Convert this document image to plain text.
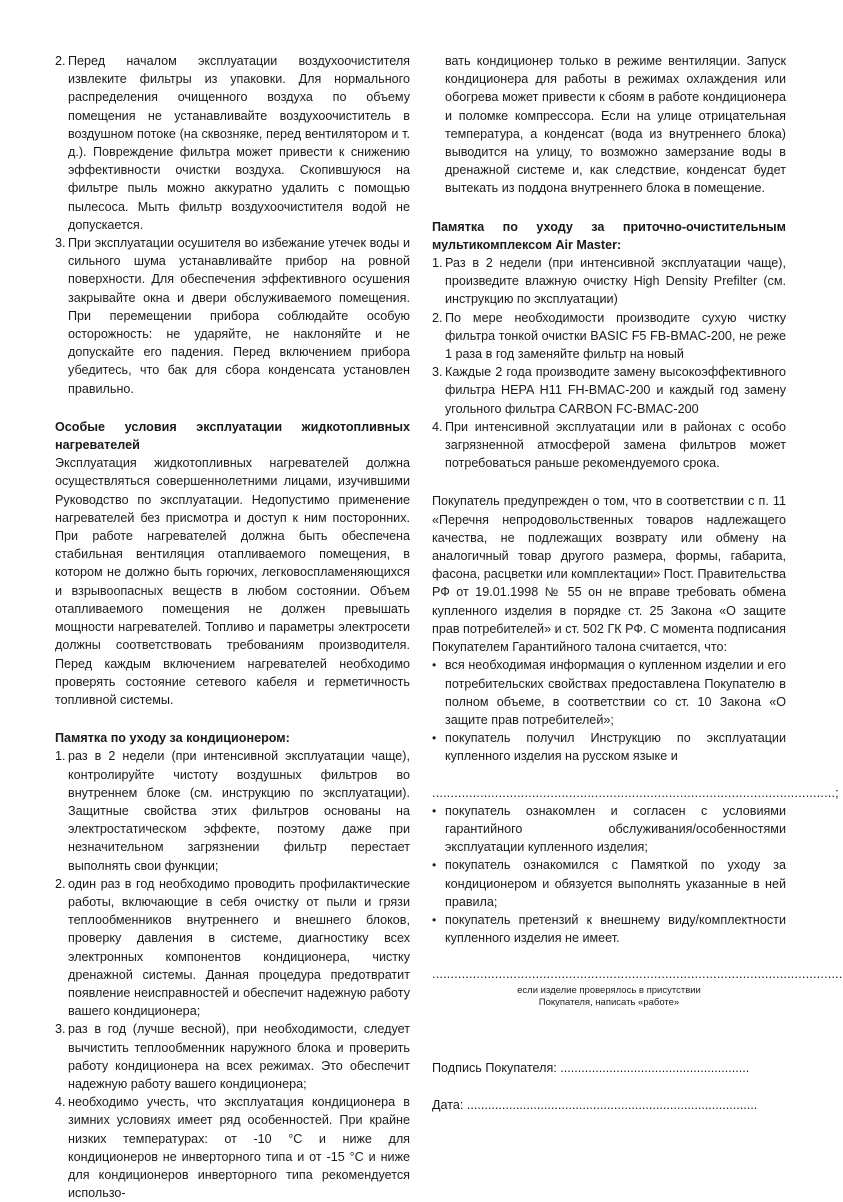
2. Перед началом эксплуатации воздухоочистителя извлеките фильтры из упаковки. Для нормального распределения очищенного воздуха по объему помещения не устанавливайте воздухоочиститель в воздушном потоке (на сквозняке, перед вентилятором и т. д.). Повреждение фильтра может привести к снижению эффективности очистки воздуха. Скопившуюся на фильтре пыль можно аккуратно удалить с помощью пылесоса. Мыть фильтр воздухоочистителя водой не допускается.
3. При эксплуатации осушителя во избежание утечек воды и сильного шума устанавливайте прибор на ровной поверхности. Для обеспечения эффективного осушения закрывайте окна и двери обслуживаемого помещения. При перемещении прибора соблюдайте особую осторожность: не ударяйте, не наклоняйте и не допускайте его падения. Перед включением прибора убедитесь, что бак для сбора конденсата установлен правильно.

Особые условия эксплуатации жидкотопливных нагревателей

Эксплуатация жидкотопливных нагревателей должна осуществляться совершеннолетними лицами, изучившими Руководство по эксплуатации. Недопустимо применение нагревателей без присмотра и доступ к ним посторонних. При работе нагревателей должна быть обеспечена стабильная вентиляция отапливаемого помещения, в котором не должно быть горючих, легковоспламеняющихся и взрывоопасных веществ в любом состоянии. Объем отапливаемого помещения не должен превышать мощности нагревателей. Топливо и параметры электросети должны соответствовать требованиям производителя. Перед каждым включением нагревателей необходимо проверять состояние сетевого кабеля и герметичность топливной системы.

Памятка по уходу за кондиционером:

1. раз в 2 недели (при интенсивной эксплуатации чаще), контролируйте чистоту воздушных фильтров во внутреннем блоке (см. инструкцию по эксплуатации). Защитные свойства этих фильтров основаны на электростатическом эффекте, поэтому даже при незначительном загрязнении фильтр перестает выполнять свои функции;
2. один раз в год необходимо проводить профилактические работы, включающие в себя очистку от пыли и грязи теплообменников внутреннего и внешнего блоков, проверку давления в системе, диагностику всех электронных компонентов кондиционера, чистку дренажной системы. Данная процедура предотвратит появление неисправностей и обеспечит надежную работу вашего кондиционера;
3. раз в год (лучше весной), при необходимости, следует вычистить теплообменник наружного блока и проверить работу кондиционера на всех режимах. Это обеспечит надежную работу вашего кондиционера;
4. необходимо учесть, что эксплуатация кондиционера в зимних условиях имеет ряд особенностей. При крайне низких температурах: от -10 °С и ниже для кондиционеров не инверторного типа и от -15 °С и ниже для кондиционеров инверторного типа рекомендуется использо-

вать кондиционер только в режиме вентиляции. Запуск кондиционера для работы в режимах охлаждения или обогрева может привести к сбоям в работе кондиционера и поломке компрессора. Если на улице отрицательная температура, а конденсат (вода из внутреннего блока) выводится на улицу, то возможно замерзание воды в дренажной системе и, как следствие, конденсат будет вытекать из поддона внутреннего блока в помещение.

Памятка по уходу за приточно-очистительным мультикомплексом Air Master:

1. Раз в 2 недели (при интенсивной эксплуатации чаще), произведите влажную очистку High Density Prefilter (см. инструкцию по эксплуатации)
2. По мере необходимости производите сухую чистку фильтра тонкой очистки BASIC F5 FB-BMAC-200, не реже 1 раза в год заменяйте фильтр на новый
3. Каждые 2 года производите замену высокоэффективного фильтра HEPA H11 FH-BMAC-200 и каждый год замену угольного фильтра CARBON FC-BMAC-200
4. При интенсивной эксплуатации или в районах с особо загрязненной атмосферой замена фильтров может потребоваться раньше рекомендуемого срока.

Покупатель предупрежден о том, что в соответствии с п. 11 «Перечня непродовольственных товаров надлежащего качества, не подлежащих возврату или обмену на аналогичный товар другого размера, формы, габарита, фасона, расцветки или комплектации» Пост. Правительства РФ от 19.01.1998 № 55 он не вправе требовать обмена купленного изделия в порядке ст. 25 Закона «О защите прав потребителей» и ст. 502 ГК РФ. С момента подписания Покупателем Гарантийного талона считается, что:

• вся необходимая информация о купленном изделии и его потребительских свойствах предоставлена Покупателю в полном объеме, в соответствии со ст. 10 Закона «О защите прав потребителей»;
• покупатель получил Инструкцию по эксплуатации купленного изделия на русском языке и
.............................................................................................................;
• покупатель ознакомлен и согласен с условиями гарантийного обслуживания/особенностями эксплуатации купленного изделия;
• покупатель ознакомился с Памяткой по уходу за кондиционером и обязуется выполнять указанные в ней правила;
• покупатель претензий к внешнему виду/комплектности купленного изделия не имеет.
...............................................................................................................
если изделие проверялось в присутствии
Покупателя, написать «работе»
Подпись Покупателя: ......................................................
Дата: ...................................................................................
